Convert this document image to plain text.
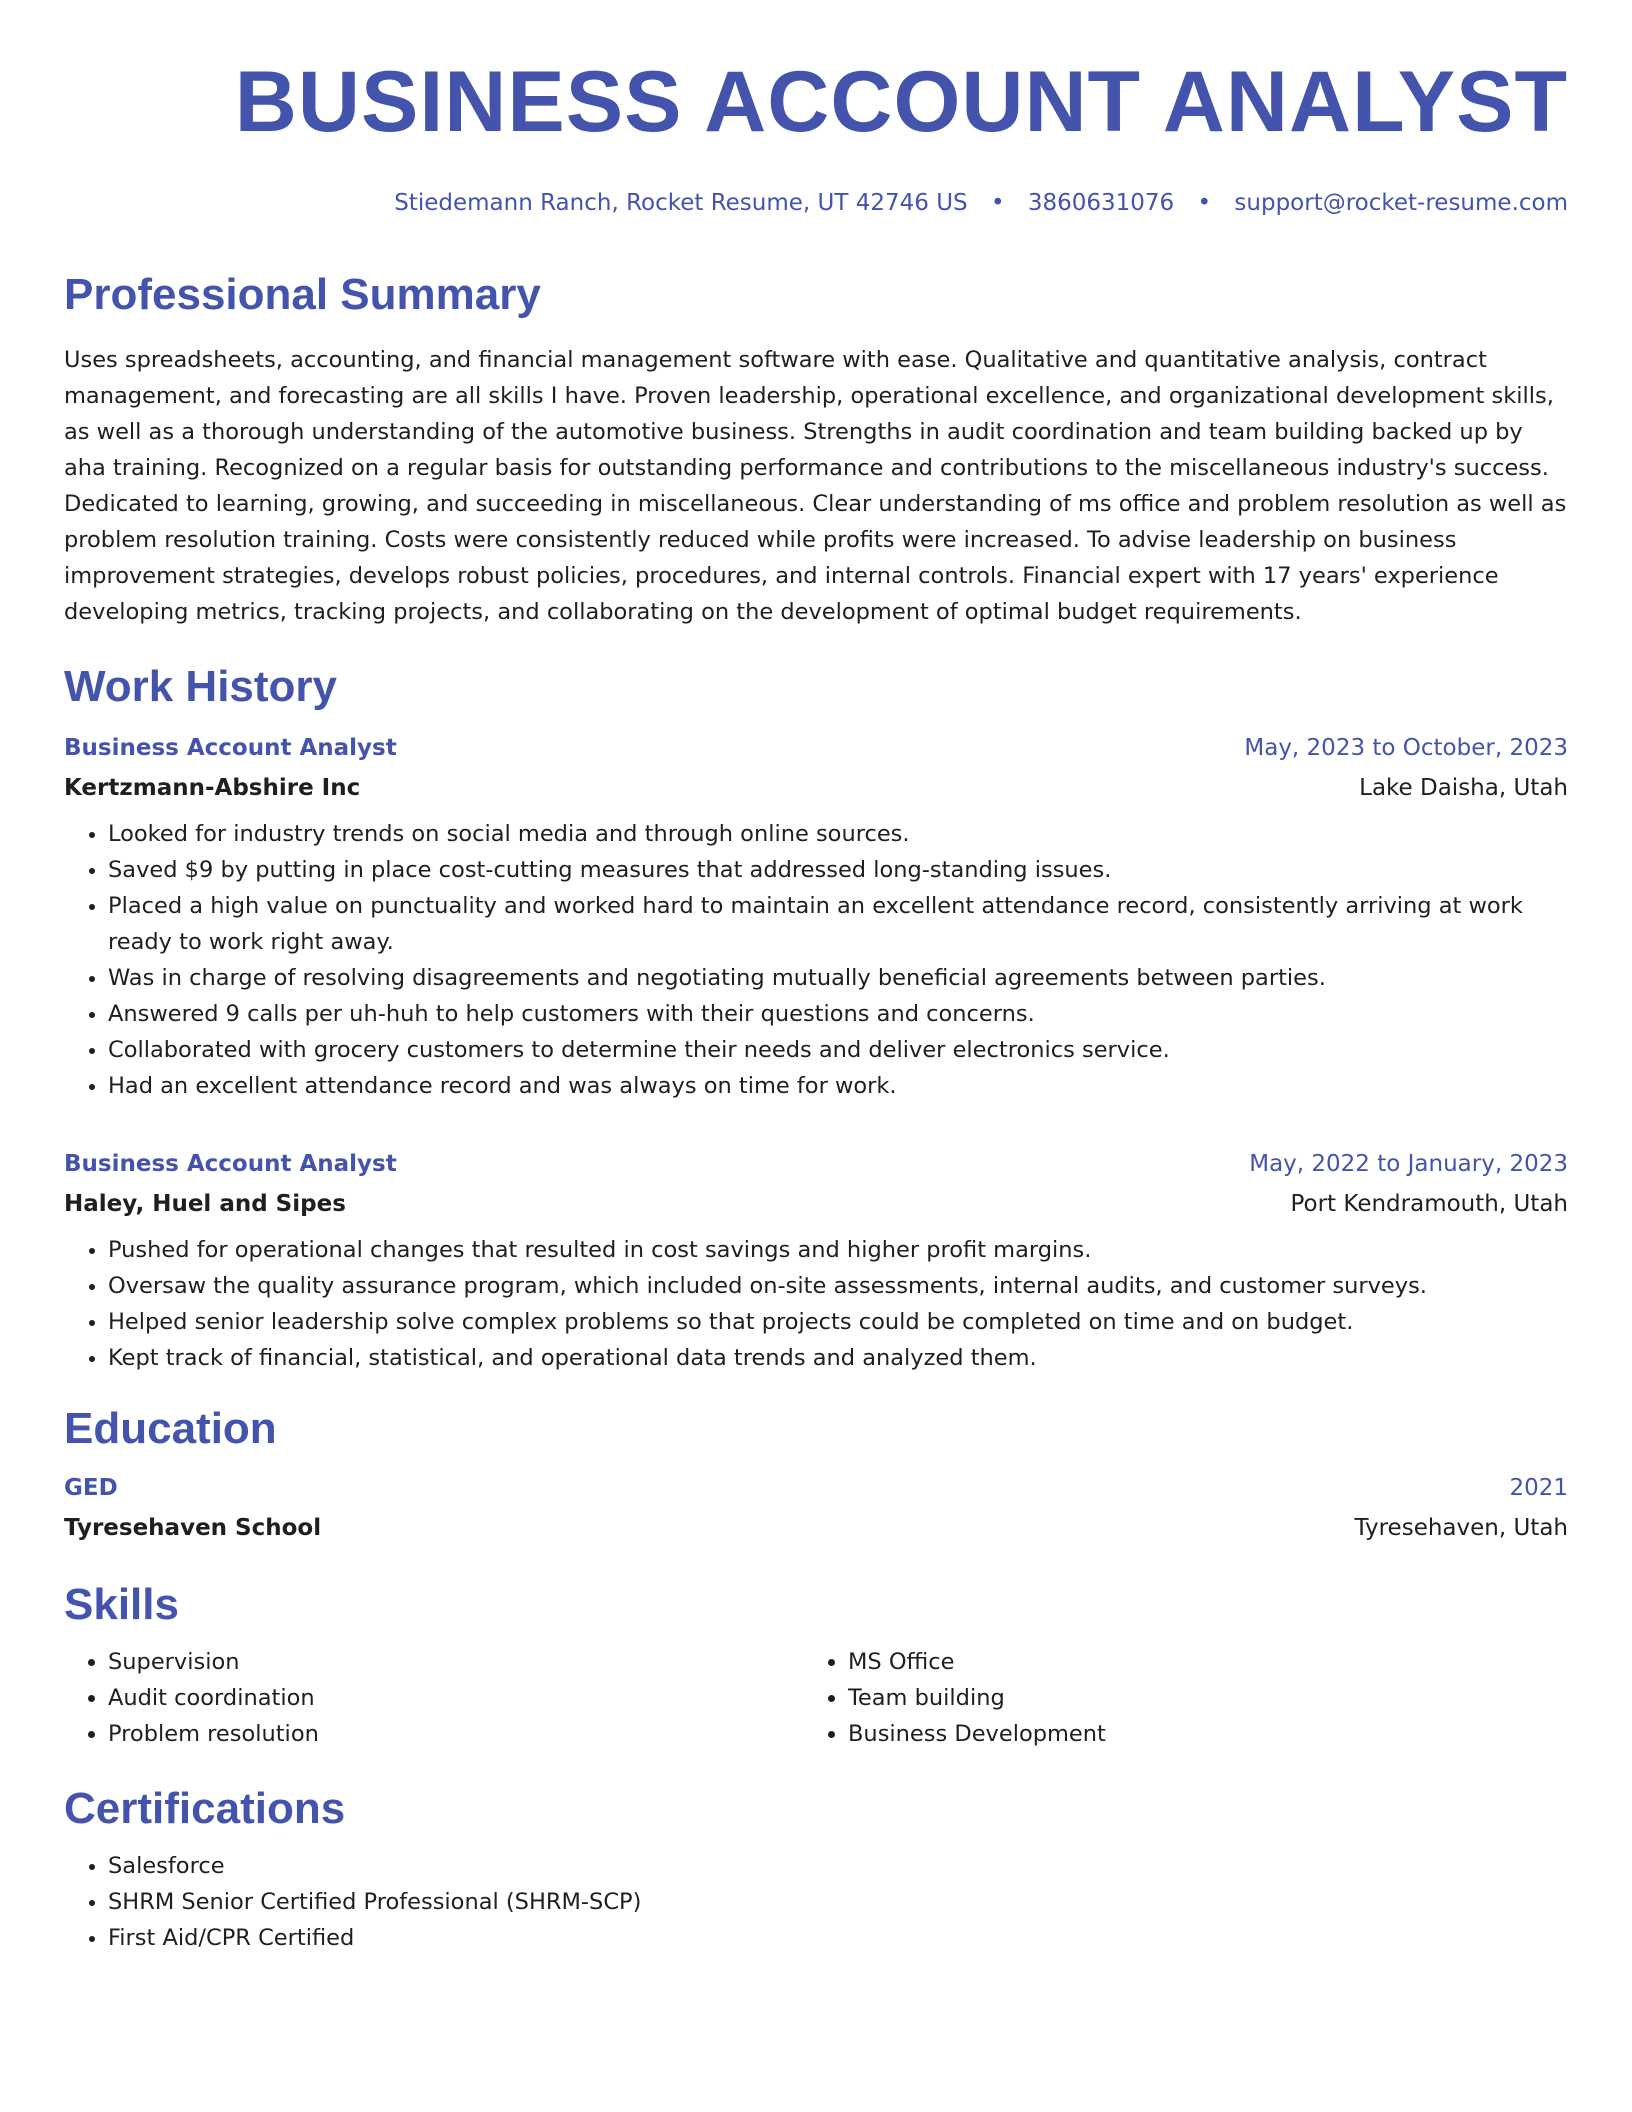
BUSINESS ACCOUNT ANALYST
Stiedemann Ranch, Rocket Resume, UT 42746 US • 3860631076 • support@rocket-resume.com
Professional Summary

Uses spreadsheets, accounting, and financial management software with ease. Qualitative and quantitative analysis, contract management, and forecasting are all skills I have. Proven leadership, operational excellence, and organizational development skills, as well as a thorough understanding of the automotive business. Strengths in audit coordination and team building backed up by aha training. Recognized on a regular basis for outstanding performance and contributions to the miscellaneous industry's success. Dedicated to learning, growing, and succeeding in miscellaneous. Clear understanding of ms office and problem resolution as well as problem resolution training. Costs were consistently reduced while profits were increased. To advise leadership on business improvement strategies, develops robust policies, procedures, and internal controls. Financial expert with 17 years' experience developing metrics, tracking projects, and collaborating on the development of optimal budget requirements.

Work History
Business Account Analyst	May, 2023 to October, 2023
Kertzmann-Abshire Inc	Lake Daisha, Utah
• Looked for industry trends on social media and through online sources.
• Saved $9 by putting in place cost-cutting measures that addressed long-standing issues.
• Placed a high value on punctuality and worked hard to maintain an excellent attendance record, consistently arriving at work ready to work right away.
• Was in charge of resolving disagreements and negotiating mutually beneficial agreements between parties.
• Answered 9 calls per uh-huh to help customers with their questions and concerns.
• Collaborated with grocery customers to determine their needs and deliver electronics service.
• Had an excellent attendance record and was always on time for work.
Business Account Analyst	May, 2022 to January, 2023
Haley, Huel and Sipes	Port Kendramouth, Utah
• Pushed for operational changes that resulted in cost savings and higher profit margins.
• Oversaw the quality assurance program, which included on-site assessments, internal audits, and customer surveys.
• Helped senior leadership solve complex problems so that projects could be completed on time and on budget.
• Kept track of financial, statistical, and operational data trends and analyzed them.
Education
GED	2021
Tyresehaven School	Tyresehaven, Utah
Skills
• Supervision
• Audit coordination
• Problem resolution
• MS Office
• Team building
• Business Development
Certifications
• Salesforce
• SHRM Senior Certified Professional (SHRM-SCP)
• First Aid/CPR Certified
